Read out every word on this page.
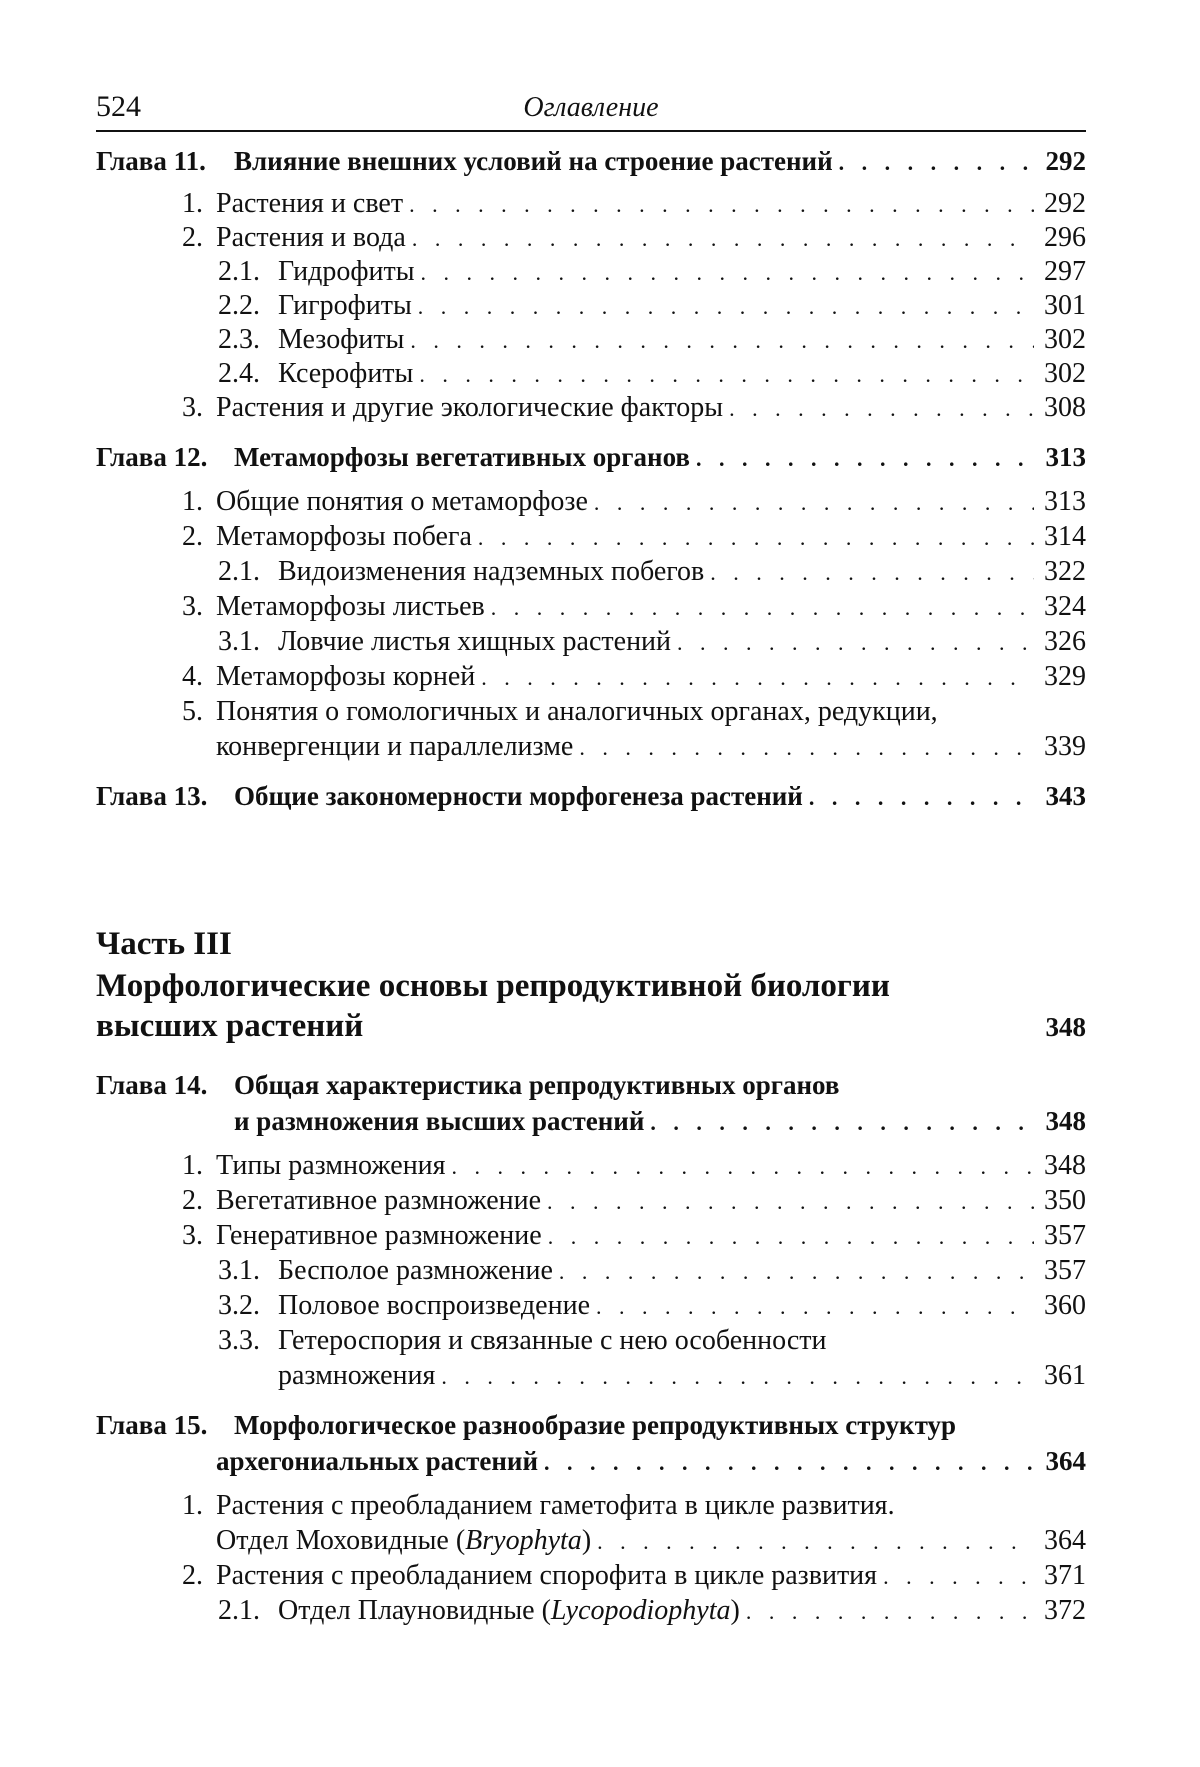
524	Оглавление
Глава 11.	Влияние внешних условий на строение растений . . .	292
1. Растения и свет . . .	292
2. Растения и вода . . .	296
2.1. Гидрофиты . . .	297
2.2. Гигрофиты . . .	301
2.3. Мезофиты . . .	302
2.4. Ксерофиты . . .	302
3. Растения и другие экологические факторы . . .	308
Глава 12. Метаморфозы вегетативных органов . . .	313
1. Общие понятия о метаморфозе . . .	313
2. Метаморфозы побега . . .	314
2.1. Видоизменения надземных побегов . . .	322
3. Метаморфозы листьев . . .	324
3.1. Ловчие листья хищных растений . . .	326
4. Метаморфозы корней . . .	329
5. Понятия о гомологичных и аналогичных органах, редукции,
конвергенции и параллелизме . . .	339
Глава 13. Общие закономерности морфогенеза растений . . .	343
Часть III
Морфологические основы репродуктивной биологии
высших растений	348
Глава 14. Общая характеристика репродуктивных органов
и размножения высших растений . . .	348
1. Типы размножения . . .	348
2. Вегетативное размножение . . .	350
3. Генеративное размножение . . .	357
3.1. Бесполое размножение . . .	357
3.2. Половое воспроизведение . . .	360
3.3. Гетероспория и связанные с нею особенности
размножения . . .	361
Глава 15. Морфологическое разнообразие репродуктивных структур
архегониальных растений . . .	364
1. Растения с преобладанием гаметофита в цикле развития.
Отдел Моховидные (Bryophyta) . . .	364
2. Растения с преобладанием спорофита в цикле развития . . .	371
2.1. Отдел Плауновидные (Lycopodiophyta) . . .	372
